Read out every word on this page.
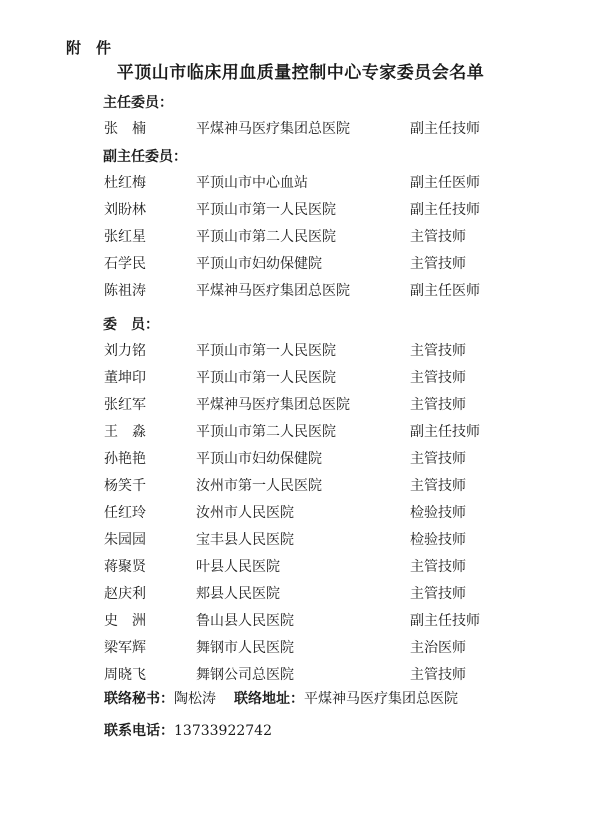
附　件
平顶山市临床用血质量控制中心专家委员会名单
主任委员：
张　楠	平煤神马医疗集团总医院	副主任技师
副主任委员：
杜红梅	平顶山市中心血站	副主任医师
刘盼林	平顶山市第一人民医院	副主任技师
张红星	平顶山市第二人民医院	主管技师
石学民	平顶山市妇幼保健院	主管技师
陈祖涛	平煤神马医疗集团总医院	副主任医师
委　员：
刘力铭	平顶山市第一人民医院	主管技师
董坤印	平顶山市第一人民医院	主管技师
张红军	平煤神马医疗集团总医院	主管技师
王　淼	平顶山市第二人民医院	副主任技师
孙艳艳	平顶山市妇幼保健院	主管技师
杨笑千	汝州市第一人民医院	主管技师
任红玲	汝州市人民医院	检验技师
朱园园	宝丰县人民医院	检验技师
蒋聚贤	叶县人民医院	主管技师
赵庆利	郏县人民医院	主管技师
史　洲	鲁山县人民医院	副主任技师
梁军辉	舞钢市人民医院	主治医师
周晓飞	舞钢公司总医院	主管技师
联络秘书：陶松涛 联络地址：平煤神马医疗集团总医院
联系电话：13733922742
